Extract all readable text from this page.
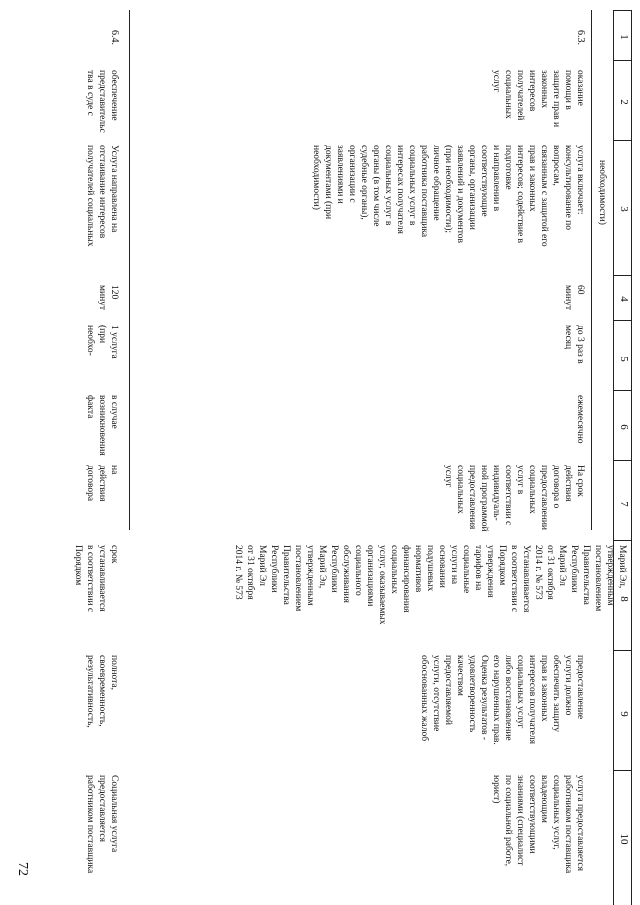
1
2
3
4
5
6
7
8
9
10
72
необходимости)
6.3.
оказание
помощи в
защите прав и
законных
интересов
получателей
социальных
услуг
услуга включает:
консультирование по
вопросам,
связанным с защитой его
прав и законных
интересов; содействие в подготовке
и направлении в
соответствующие
органы, организации
заявлений и документов
(при необходимости);
личное обращение
работника поставщика
социальных услуг в
интересах получателя
социальных услуг в
органы (в том числе
судебные органы),
организации с
заявлениями и
документами (при
необходимости)
60
минут
до 3 раз в
месяц
ежемесячно
На срок
действия
договора о
предоставлении
социальных
услуг в
соответствии с
индивидуаль-
ной программой
предоставления
социальных
услуг
Марий Эл,
утвержденным
постановлением
Правительства
Республики
Марий Эл
от 31 октября
2014 г. № 573
Устанавливается
в соответствии с
Порядком
утверждения
тарифов на
социальные
услуги на
основании
подушевых
нормативов
финансирования
социальных
услуг, оказываемых
организациями
социального
обслуживания
Республики
Марий Эл,
утвержденным
постановлением
Правительства
Республики
Марий Эл
от 31 октября
2014 г. № 573
предоставление
услуги должно
обеспечить защиту
прав и законных
интересов получателя
социальных услуг
либо восстановление
его нарушенных прав.
Оценка результатов -
удовлетворенность
качеством
предоставляемой
услуги, отсутствие
обоснованных жалоб
услуга предоставляется
работником поставщика
социальных услуг,
владеющим
соответствующими
знаниями (специалист
по социальной работе,
юрист)
6.4.
обеспечение
представительс
тва в суде с
Услуга направлена на
отстаивание интересов
получателей социальных
120
минут
1 услуга
(при
необхо-
в случае
возникновения
факта
на
действия
договора
срок
устанавливается
в соответствии с
Порядком
полнота,
своевременность,
результативность,
Социальная услуга
предоставляется
работником поставщика
